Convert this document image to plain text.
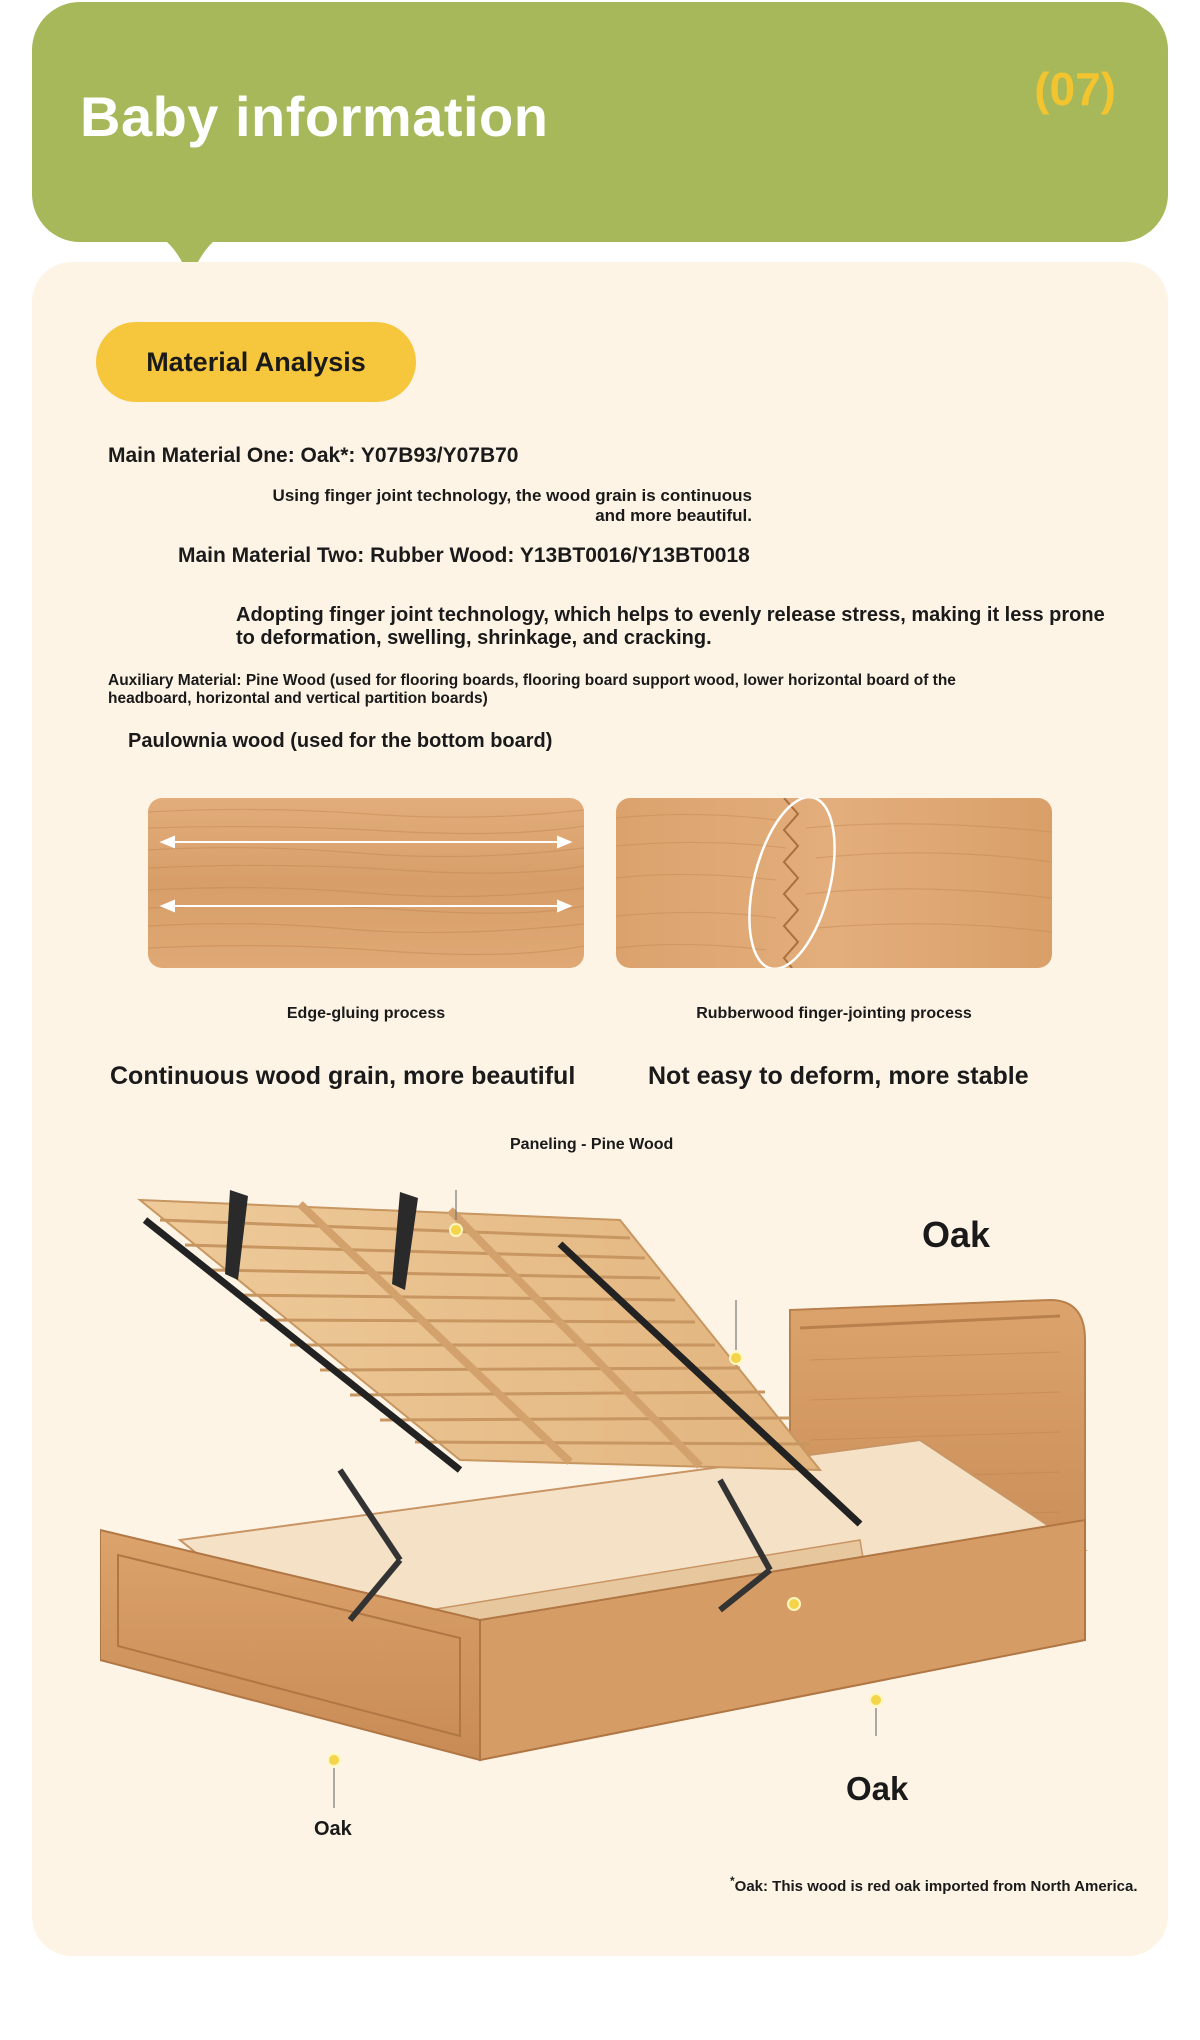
Baby information	(07)
Material Analysis
Main Material One: Oak*: Y07B93/Y07B70
Using finger joint technology, the wood grain is continuous and more beautiful.
Main Material Two: Rubber Wood: Y13BT0016/Y13BT0018
Adopting finger joint technology, which helps to evenly release stress, making it less prone to deformation, swelling, shrinkage, and cracking.
Auxiliary Material: Pine Wood (used for flooring boards, flooring board support wood, lower horizontal board of the headboard, horizontal and vertical partition boards)
Paulownia wood (used for the bottom board)
Edge-gluing process	Rubberwood finger-jointing process
Continuous wood grain, more beautiful	Not easy to deform, more stable
Paneling - Pine Wood
Oak
Oak
Oak
*Oak: This wood is red oak imported from North America.
